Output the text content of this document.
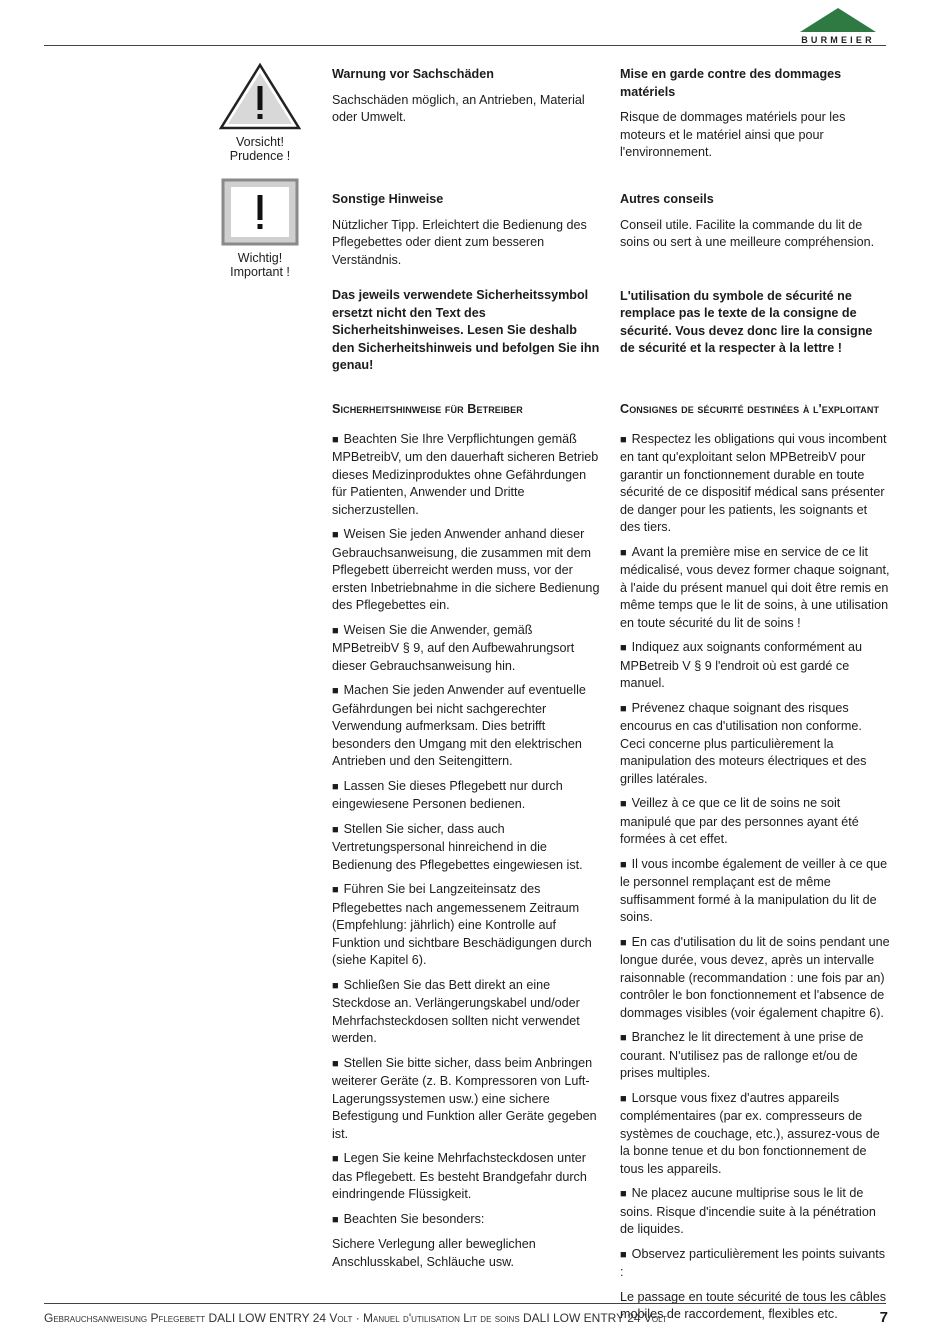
BURMEIER
Vorsicht!
Prudence !
Wichtig!
Important !
Warnung vor Sachschäden
Sachschäden möglich, an Antrieben, Material oder Umwelt.
Mise en garde contre des dommages matériels
Risque de dommages matériels pour les moteurs et le matériel ainsi que pour l'environnement.
Sonstige Hinweise
Nützlicher Tipp. Erleichtert die Bedienung des Pflegebettes oder dient zum besseren Verständnis.
Das jeweils verwendete Sicherheitssymbol ersetzt nicht den Text des Sicherheitshinweises. Lesen Sie deshalb den Sicherheitshinweis und befolgen Sie ihn genau!
Autres conseils
Conseil utile. Facilite la commande du lit de soins ou sert à une meilleure compréhension.
L'utilisation du symbole de sécurité ne remplace pas le texte de la consigne de sécurité. Vous devez donc lire la consigne de sécurité et la respecter à la lettre !
Sicherheitshinweise für Betreiber
■ Beachten Sie Ihre Verpflichtungen gemäß MPBetreibV, um den dauerhaft sicheren Betrieb dieses Medizinproduktes ohne Gefährdungen für Patienten, Anwender und Dritte sicherzustellen.
■ Weisen Sie jeden Anwender anhand dieser Gebrauchsanweisung, die zusammen mit dem Pflegebett überreicht werden muss, vor der ersten Inbetriebnahme in die sichere Bedienung des Pflegebettes ein.
■ Weisen Sie die Anwender, gemäß MPBetreibV § 9, auf den Aufbewahrungsort dieser Gebrauchsanweisung hin.
■ Machen Sie jeden Anwender auf eventuelle Gefährdungen bei nicht sachgerechter Verwendung aufmerksam. Dies betrifft besonders den Umgang mit den elektrischen Antrieben und den Seitengittern.
■ Lassen Sie dieses Pflegebett nur durch eingewiesene Personen bedienen.
■ Stellen Sie sicher, dass auch Vertretungspersonal hinreichend in die Bedienung des Pflegebettes eingewiesen ist.
■ Führen Sie bei Langzeiteinsatz des Pflegebettes nach angemessenem Zeitraum (Empfehlung: jährlich) eine Kontrolle auf Funktion und sichtbare Beschädigungen durch (siehe Kapitel 6).
■ Schließen Sie das Bett direkt an eine Steckdose an. Verlängerungskabel und/oder Mehrfachsteckdosen sollten nicht verwendet werden.
■ Stellen Sie bitte sicher, dass beim Anbringen weiterer Geräte (z. B. Kompressoren von Luft-Lagerungssystemen usw.) eine sichere Befestigung und Funktion aller Geräte gegeben ist.
■ Legen Sie keine Mehrfachsteckdosen unter das Pflegebett. Es besteht Brandgefahr durch eindringende Flüssigkeit.
■ Beachten Sie besonders:
Sichere Verlegung aller beweglichen Anschlusskabel, Schläuche usw.
Consignes de sécurité destinées à l'exploitant
■ Respectez les obligations qui vous incombent en tant qu'exploitant selon MPBetreibV pour garantir un fonctionnement durable en toute sécurité de ce dispositif médical sans présenter de danger pour les patients, les soignants et des tiers.
■ Avant la première mise en service de ce lit médicalisé, vous devez former chaque soignant, à l'aide du présent manuel qui doit être remis en même temps que le lit de soins, à une utilisation en toute sécurité du lit de soins !
■ Indiquez aux soignants conformément au MPBetreib V § 9 l'endroit où est gardé ce manuel.
■ Prévenez chaque soignant des risques encourus en cas d'utilisation non conforme. Ceci concerne plus particulièrement la manipulation des moteurs électriques et des grilles latérales.
■ Veillez à ce que ce lit de soins ne soit manipulé que par des personnes ayant été formées à cet effet.
■ Il vous incombe également de veiller à ce que le personnel remplaçant est de même suffisamment formé à la manipulation du lit de soins.
■ En cas d'utilisation du lit de soins pendant une longue durée, vous devez, après un intervalle raisonnable (recommandation : une fois par an) contrôler le bon fonctionnement et l'absence de dommages visibles (voir également chapitre 6).
■ Branchez le lit directement à une prise de courant. N'utilisez pas de rallonge et/ou de prises multiples.
■ Lorsque vous fixez d'autres appareils complémentaires (par ex. compresseurs de systèmes de couchage, etc.), assurez-vous de la bonne tenue et du bon fonctionnement de tous les appareils.
■ Ne placez aucune multiprise sous le lit de soins. Risque d'incendie suite à la pénétration de liquides.
■ Observez particulièrement les points suivants :
Le passage en toute sécurité de tous les câbles mobiles de raccordement, flexibles etc.
Gebrauchsanweisung Pflegebett DALI LOW ENTRY 24 Volt · Manuel d'utilisation Lit de soins DALI LOW ENTRY 24 Volt	7
